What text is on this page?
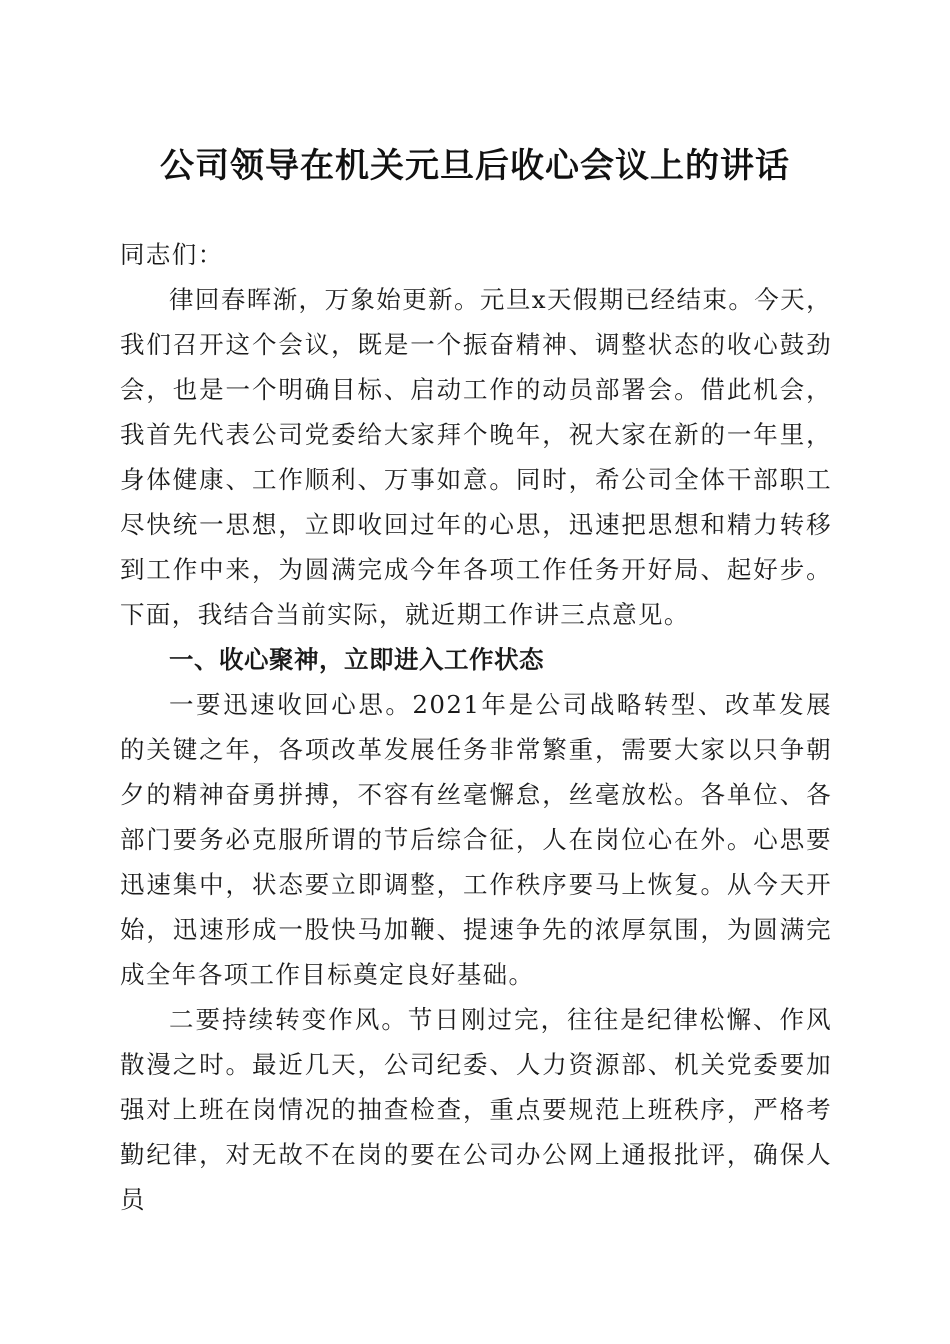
公司领导在机关元旦后收心会议上的讲话

同志们：

律回春晖渐，万象始更新。元旦x天假期已经结束。今天，我们召开这个会议，既是一个振奋精神、调整状态的收心鼓劲会，也是一个明确目标、启动工作的动员部署会。借此机会，我首先代表公司党委给大家拜个晚年，祝大家在新的一年里，身体健康、工作顺利、万事如意。同时，希公司全体干部职工尽快统一思想，立即收回过年的心思，迅速把思想和精力转移到工作中来，为圆满完成今年各项工作任务开好局、起好步。下面，我结合当前实际，就近期工作讲三点意见。

一、收心聚神，立即进入工作状态

一要迅速收回心思。2021年是公司战略转型、改革发展的关键之年，各项改革发展任务非常繁重，需要大家以只争朝夕的精神奋勇拼搏，不容有丝毫懈怠，丝毫放松。各单位、各部门要务必克服所谓的节后综合征，人在岗位心在外。心思要迅速集中，状态要立即调整，工作秩序要马上恢复。从今天开始，迅速形成一股快马加鞭、提速争先的浓厚氛围，为圆满完成全年各项工作目标奠定良好基础。

二要持续转变作风。节日刚过完，往往是纪律松懈、作风散漫之时。最近几天，公司纪委、人力资源部、机关党委要加强对上班在岗情况的抽查检查，重点要规范上班秩序，严格考勤纪律，对无故不在岗的要在公司办公网上通报批评，确保人员
